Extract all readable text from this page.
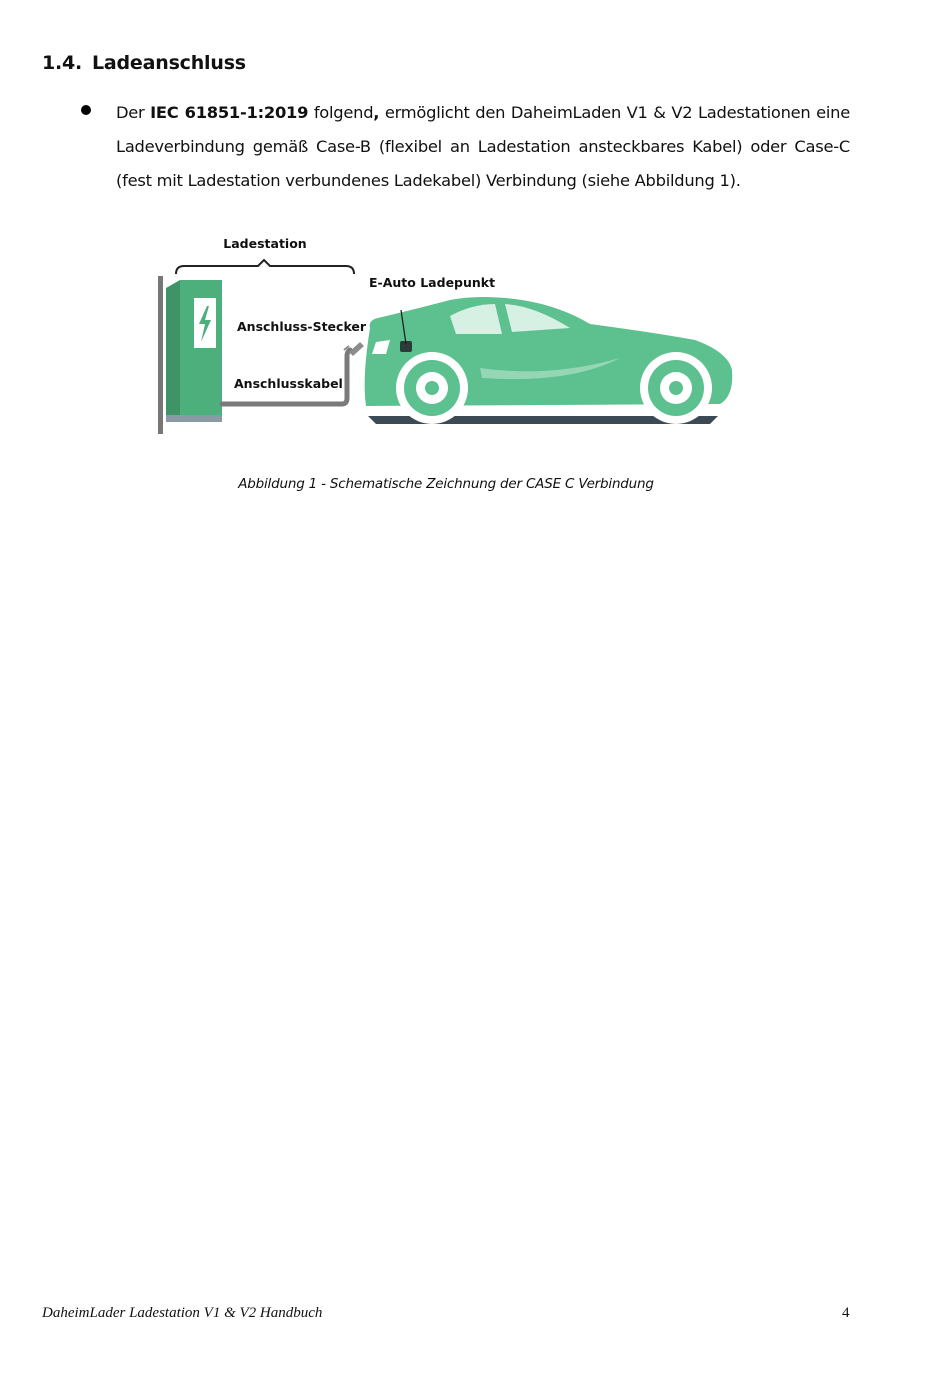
1.4. Ladeanschluss
Der IEC 61851-1:2019 folgend, ermöglicht den DaheimLaden V1 & V2 Ladestationen eine Ladeverbindung gemäß Case-B (flexibel an Ladestation ansteckbares Kabel) oder Case-C (fest mit Ladestation verbundenes Ladekabel) Verbindung (siehe Abbildung 1).
Ladestation
Anschluss-Stecker
Anschlusskabel
E-Auto Ladepunkt
Abbildung 1 - Schematische Zeichnung der CASE C Verbindung
DaheimLader Ladestation V1 & V2 Handbuch	4
